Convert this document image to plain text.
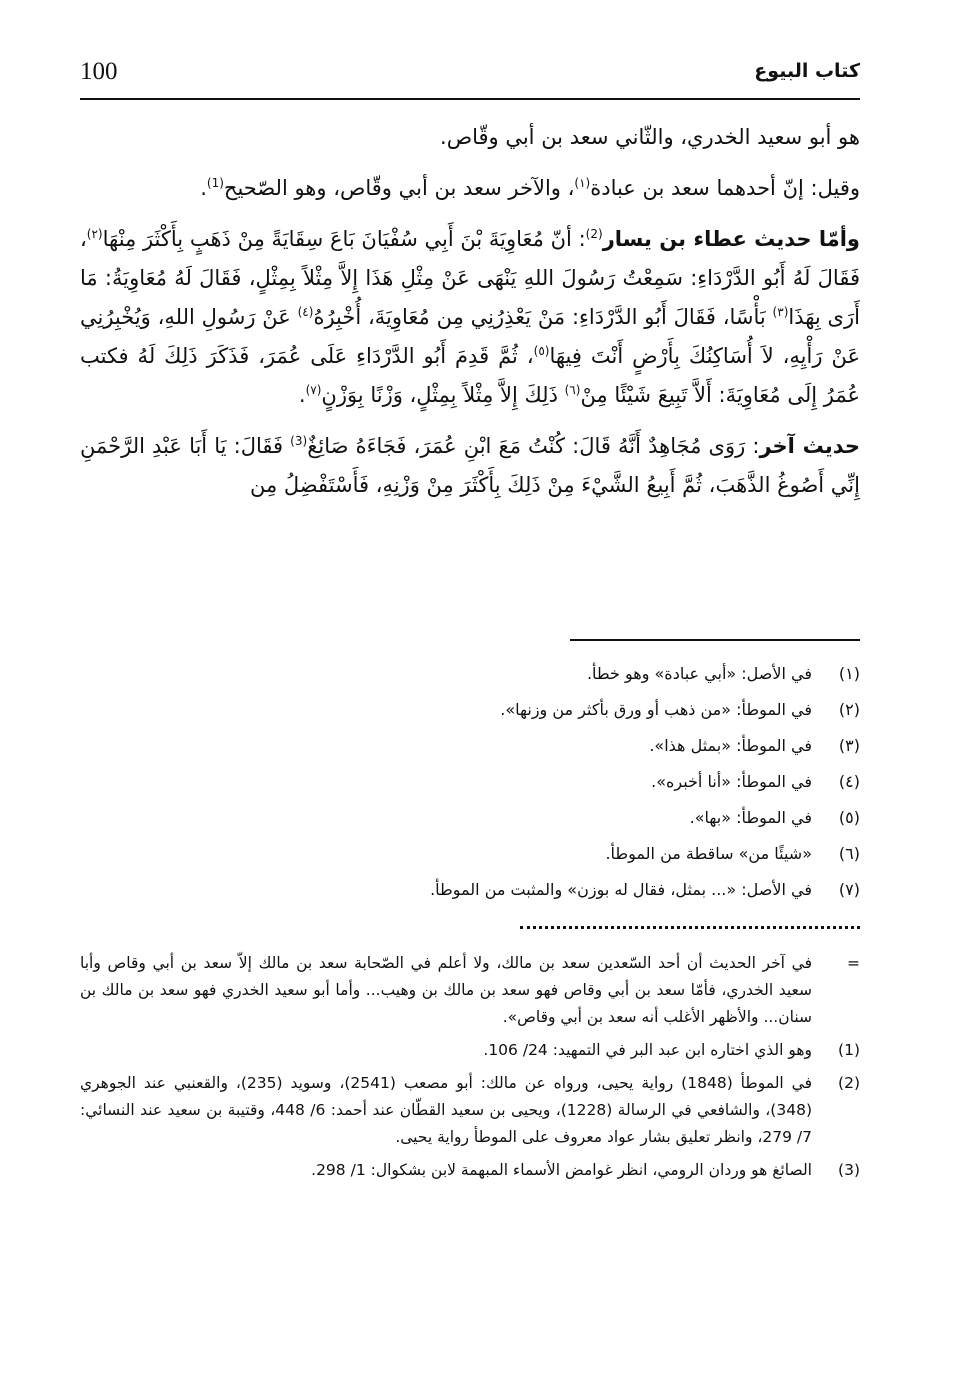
100	كتاب البيوع

هو أبو سعيد الخدري، والثّاني سعد بن أبي وقّاص.

وقيل: إنّ أحدهما سعد بن عبادة$^{(١)}$، والآخر سعد بن أبي وقّاص، وهو الصّحيح$^{(1)}$.

وأمّا حديث عطاء بن يسار$^{(2)}$: أنّ مُعَاوِيَةَ بْنَ أَبِي سُفْيَانَ بَاعَ سِقَايَةً مِنْ ذَهَبٍ بِأَكْثَرَ مِنْهَا$^{(٢)}$، فَقَالَ لَهُ أَبُو الدَّرْدَاءِ: سَمِعْتُ رَسُولَ اللهِ يَنْهَى عَنْ مِثْلِ هَذَا إِلاَّ مِثْلاً بِمِثْلٍ، فَقَالَ لَهُ مُعَاوِيَةُ: مَا أَرَى بِهَذَا$^{(٣)}$ بَأْسًا، فَقَالَ أَبُو الدَّرْدَاءِ: مَنْ يَعْذِرُنِي مِن مُعَاوِيَةَ، أُخْبِرُهُ$^{(٤)}$ عَنْ رَسُولِ اللهِ، وَيُخْبِرُنِي عَنْ رَأْيِهِ، لاَ أُسَاكِنُكَ بِأَرْضٍ أَنْتَ فِيهَا$^{(٥)}$، ثُمَّ قَدِمَ أَبُو الدَّرْدَاءِ عَلَى عُمَرَ، فَذَكَرَ ذَلِكَ لَهُ فكتب عُمَرُ إِلَى مُعَاوِيَةَ: أَلاَّ تَبِيعَ شَيْئًا مِنْ$^{(٦)}$ ذَلِكَ إِلاَّ مِثْلاً بِمِثْلٍ، وَزْنًا بِوَزْنٍ$^{(٧)}$.

حديث آخر: رَوَى مُجَاهِدٌ أَنَّهُ قَالَ: كُنْتُ مَعَ ابْنِ عُمَرَ، فَجَاءَهُ صَائِغٌ$^{(3)}$ فَقَالَ: يَا أَبَا عَبْدِ الرَّحْمَنِ إِنِّي أَصُوغُ الذَّهَبَ، ثُمَّ أَبِيعُ الشَّيْءَ مِنْ ذَلِكَ بِأَكْثَرَ مِنْ وَزْنِهِ، فَأَسْتَفْضِلُ مِن

(١)
في الأصل: «أبي عبادة» وهو خطأ.
(٢)
في الموطأ: «من ذهب أو ورق بأكثر من وزنها».
(٣)
في الموطأ: «بمثل هذا».
(٤)
في الموطأ: «أنا أخبره».
(٥)
في الموطأ: «بها».
(٦)
«شيئًا من» ساقطة من الموطأ.
(٧)
في الأصل: «... بمثل، فقال له بوزن» والمثبت من الموطأ.
=
في آخر الحديث أن أحد السّعدين سعد بن مالك، ولا أعلم في الصّحابة سعد بن مالك إلاّ سعد بن أبي وقاص وأبا سعيد الخدري، فأمّا سعد بن أبي وقاص فهو سعد بن مالك بن وهيب... وأما أبو سعيد الخدري فهو سعد بن مالك بن سنان... والأظهر الأغلب أنه سعد بن أبي وقاص».
(1)
وهو الذي اختاره ابن عبد البر في التمهيد: 24/ 106.
(2)
في الموطأ (1848) رواية يحيى، ورواه عن مالك: أبو مصعب (2541)، وسويد (235)، والقعنبي عند الجوهري (348)، والشافعي في الرسالة (1228)، ويحيى بن سعيد القطّان عند أحمد: 6/ 448، وقتيبة بن سعيد عند النسائي: 7/ 279، وانظر تعليق بشار عواد معروف على الموطأ رواية يحيى.
(3)
الصائغ هو وردان الرومي، انظر غوامض الأسماء المبهمة لابن بشكوال: 1/ 298.
